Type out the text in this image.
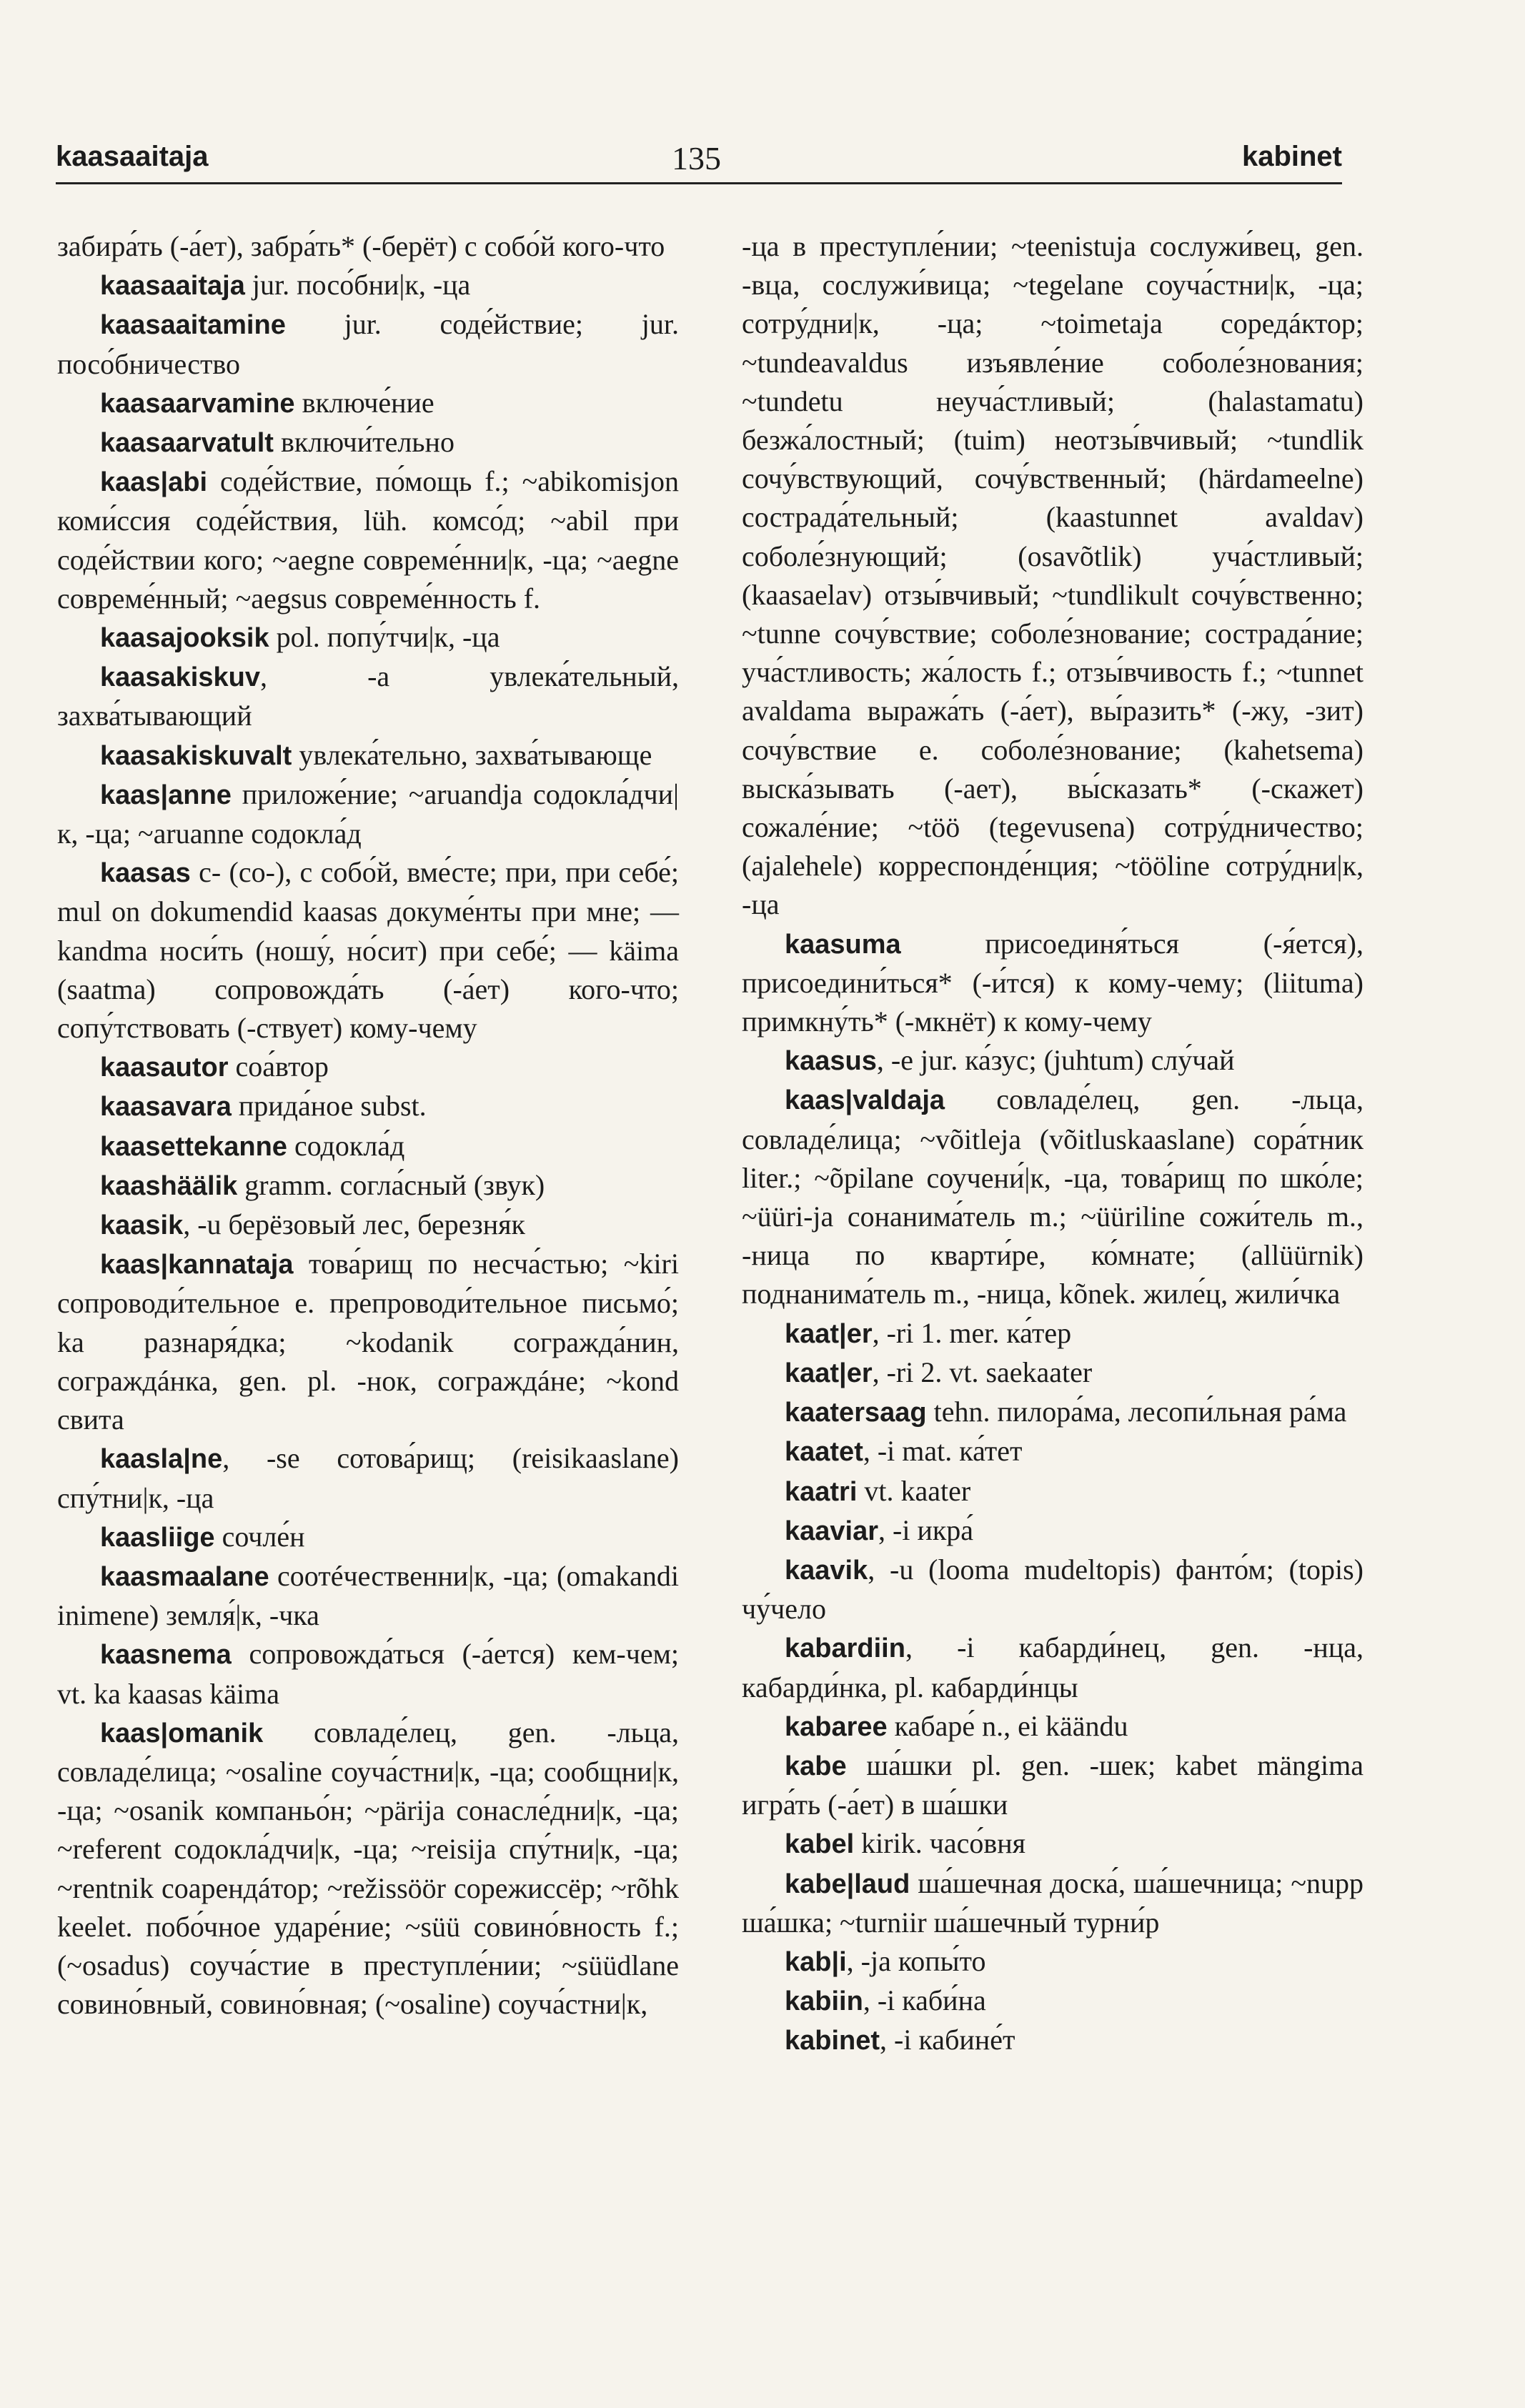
kaasaaitaja	135	kabinet

забира́ть (-а́ет), забра́ть* (-берёт) с собо́й кого-что

kaasaaitaja jur. посо́бни|к, -ца

kaasaaitamine jur. соде́йствие; jur. посо́бничество

kaasaarvamine включе́ние

kaasaarvatult включи́тельно

kaas|abi соде́йствие, по́мощь f.; ~abikomisjon коми́ссия соде́йствия, lüh. комсо́д; ~abil при соде́йствии кого; ~aegne совреме́нни|к, -ца; ~aegne совреме́нный; ~aegsus совреме́нность f.

kaasajooksik pol. попу́тчи|к, -ца

kaasakiskuv, -a увлека́тельный, захва́тывающий

kaasakiskuvalt увлека́тельно, захва́тывающе

kaas|anne приложе́ние; ~aruandja содокла́дчи|к, -ца; ~aruanne содокла́д

kaasas с- (со-), с собо́й, вме́сте; при, при себе́; mul on dokumendid kaasas докуме́нты при мне; — kandma носи́ть (ношу́, но́сит) при себе́; — käima (saatma) сопровожда́ть (-а́ет) кого-что; сопу́тствовать (-ствует) кому-чему

kaasautor соа́втор

kaasavara прида́ное subst.

kaasettekanne содокла́д

kaashäälik gramm. согла́сный (звук)

kaasik, -u берёзовый лес, березня́к

kaas|kannataja това́рищ по несча́стью; ~kiri сопроводи́тельное e. препроводи́тельное письмо́; ka разнаря́дка; ~kodanik согражда́нин, сограждáнка, gen. pl. -нок, сограждáне; ~kond свита

kaasla|ne, -se сотова́рищ; (reisikaaslane) спу́тни|к, -ца

kaasliige сочле́н

kaasmaalane соотéчественни|к, -ца; (omakandi inimene) земля́|к, -чка

kaasnema сопровожда́ться (-а́ется) кем-чем; vt. ka kaasas käima

kaas|omanik совладе́лец, gen. -льца, совладе́лица; ~osaline соуча́стни|к, -ца; сообщни|к, -ца; ~osanik компаньо́н; ~pärija сонасле́дни|к, -ца; ~referent содокла́дчи|к, -ца; ~reisija спу́тни|к, -ца; ~rentnik соарендáтор; ~režissöör сорежиссёр; ~rõhk keelet. побо́чное ударе́ние; ~süü совино́вность f.; (~osadus) соуча́стие в преступле́нии; ~süüdlane совино́вный, совино́вная; (~osaline) соуча́стни|к,

-ца в преступле́нии; ~teenistuja сослужи́вец, gen. -вца, сослужи́вица; ~tegelane соуча́стни|к, -ца; сотру́дни|к, -ца; ~toimetaja соредáктор; ~tundeavaldus изъявле́ние соболе́знования; ~tundetu неуча́стливый; (halastamatu) безжа́лостный; (tuim) неотзы́вчивый; ~tundlik сочу́вствующий, сочу́вственный; (härdameelne) сострада́тельный; (kaastunnet avaldav) соболе́знующий; (osavõtlik) уча́стливый; (kaasaelav) отзы́вчивый; ~tundlikult сочу́вственно; ~tunne сочу́вствие; соболе́знование; сострада́ние; уча́стливость; жа́лость f.; отзы́вчивость f.; ~tunnet avaldama выража́ть (-а́ет), вы́разить* (-жу, -зит) сочу́вствие e. соболе́знование; (kahetsema) выска́зывать (-ает), вы́сказать* (-скажет) сожале́ние; ~töö (tegevusena) сотру́дничество; (ajalehele) корреспонде́нция; ~tööline сотру́дни|к, -ца

kaasuma	присоединя́ться (-я́ется), присоедини́ться* (-и́тся) к кому-чему; (liituma) примкну́ть* (-мкнёт) к кому-чему

kaasus, -e jur. ка́зус; (juhtum) слу́чай

kaas|valdaja совладе́лец, gen. -льца, совладе́лица; ~võitleja (võitluskaaslane) сора́тник liter.; ~õpilane соучени́|к, -ца, това́рищ по шко́ле; ~üüri-ja сонанима́тель m.; ~üüriline сожи́тель m., -ница по кварти́ре, ко́мнате; (allüürnik) поднанима́тель m., -ница, kõnek. жиле́ц, жили́чка

kaat|er, -ri 1. mer. ка́тер

kaat|er, -ri 2. vt. saekaater

kaatersaag tehn. пилора́ма, лесопи́льная ра́ма

kaatet, -i mat. ка́тет

kaatri vt. kaater

kaaviar, -i икра́

kaavik, -u (looma mudeltopis) фанто́м; (topis) чу́чело

kabardiin, -i кабарди́нец, gen. -нца, кабарди́нка, pl. кабарди́нцы

kabaree кабаре́ n., ei käändu

kabe ша́шки pl. gen. -шек; kabet mängima игра́ть (-а́ет) в ша́шки

kabel kirik. часо́вня

kabe|laud ша́шечная доска́, ша́шечница; ~nupp ша́шка; ~turniir ша́шечный турни́р

kab|i, -ja копы́то

kabiin, -i каби́на

kabinet, -i кабине́т
